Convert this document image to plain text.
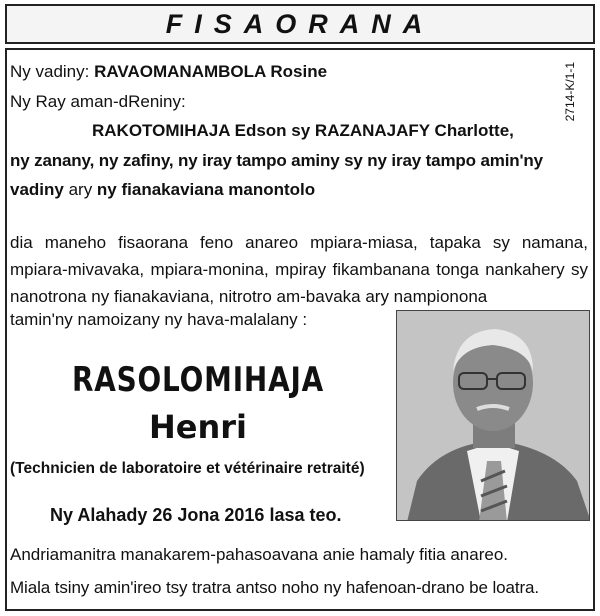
FISAORANA
2714-K/1-1
Ny vadiny: RAVAOMANAMBOLA Rosine
Ny Ray aman-dReniny:
RAKOTOMIHAJA Edson sy RAZANAJAFY Charlotte,
ny zanany, ny zafiny, ny iray tampo aminy sy ny iray tampo amin'ny
vadiny ary ny fianakaviana manontolo
dia maneho fisaorana feno anareo mpiara-miasa, tapaka sy namana, mpiara-mivavaka, mpiara-monina, mpiray fikambanana tonga nankahery sy nanotrona ny fianakaviana, nitrotro am-bavaka ary nampionona
tamin'ny namoizany ny hava-malalany :
RASOLOMIHAJA
Henri
(Technicien de laboratoire et vétérinaire retraité)
Ny Alahady 26 Jona 2016 lasa teo.
Andriamanitra manakarem-pahasoavana anie hamaly fitia anareo.
Miala tsiny amin'ireo tsy tratra antso noho ny hafenoan-drano be loatra.
